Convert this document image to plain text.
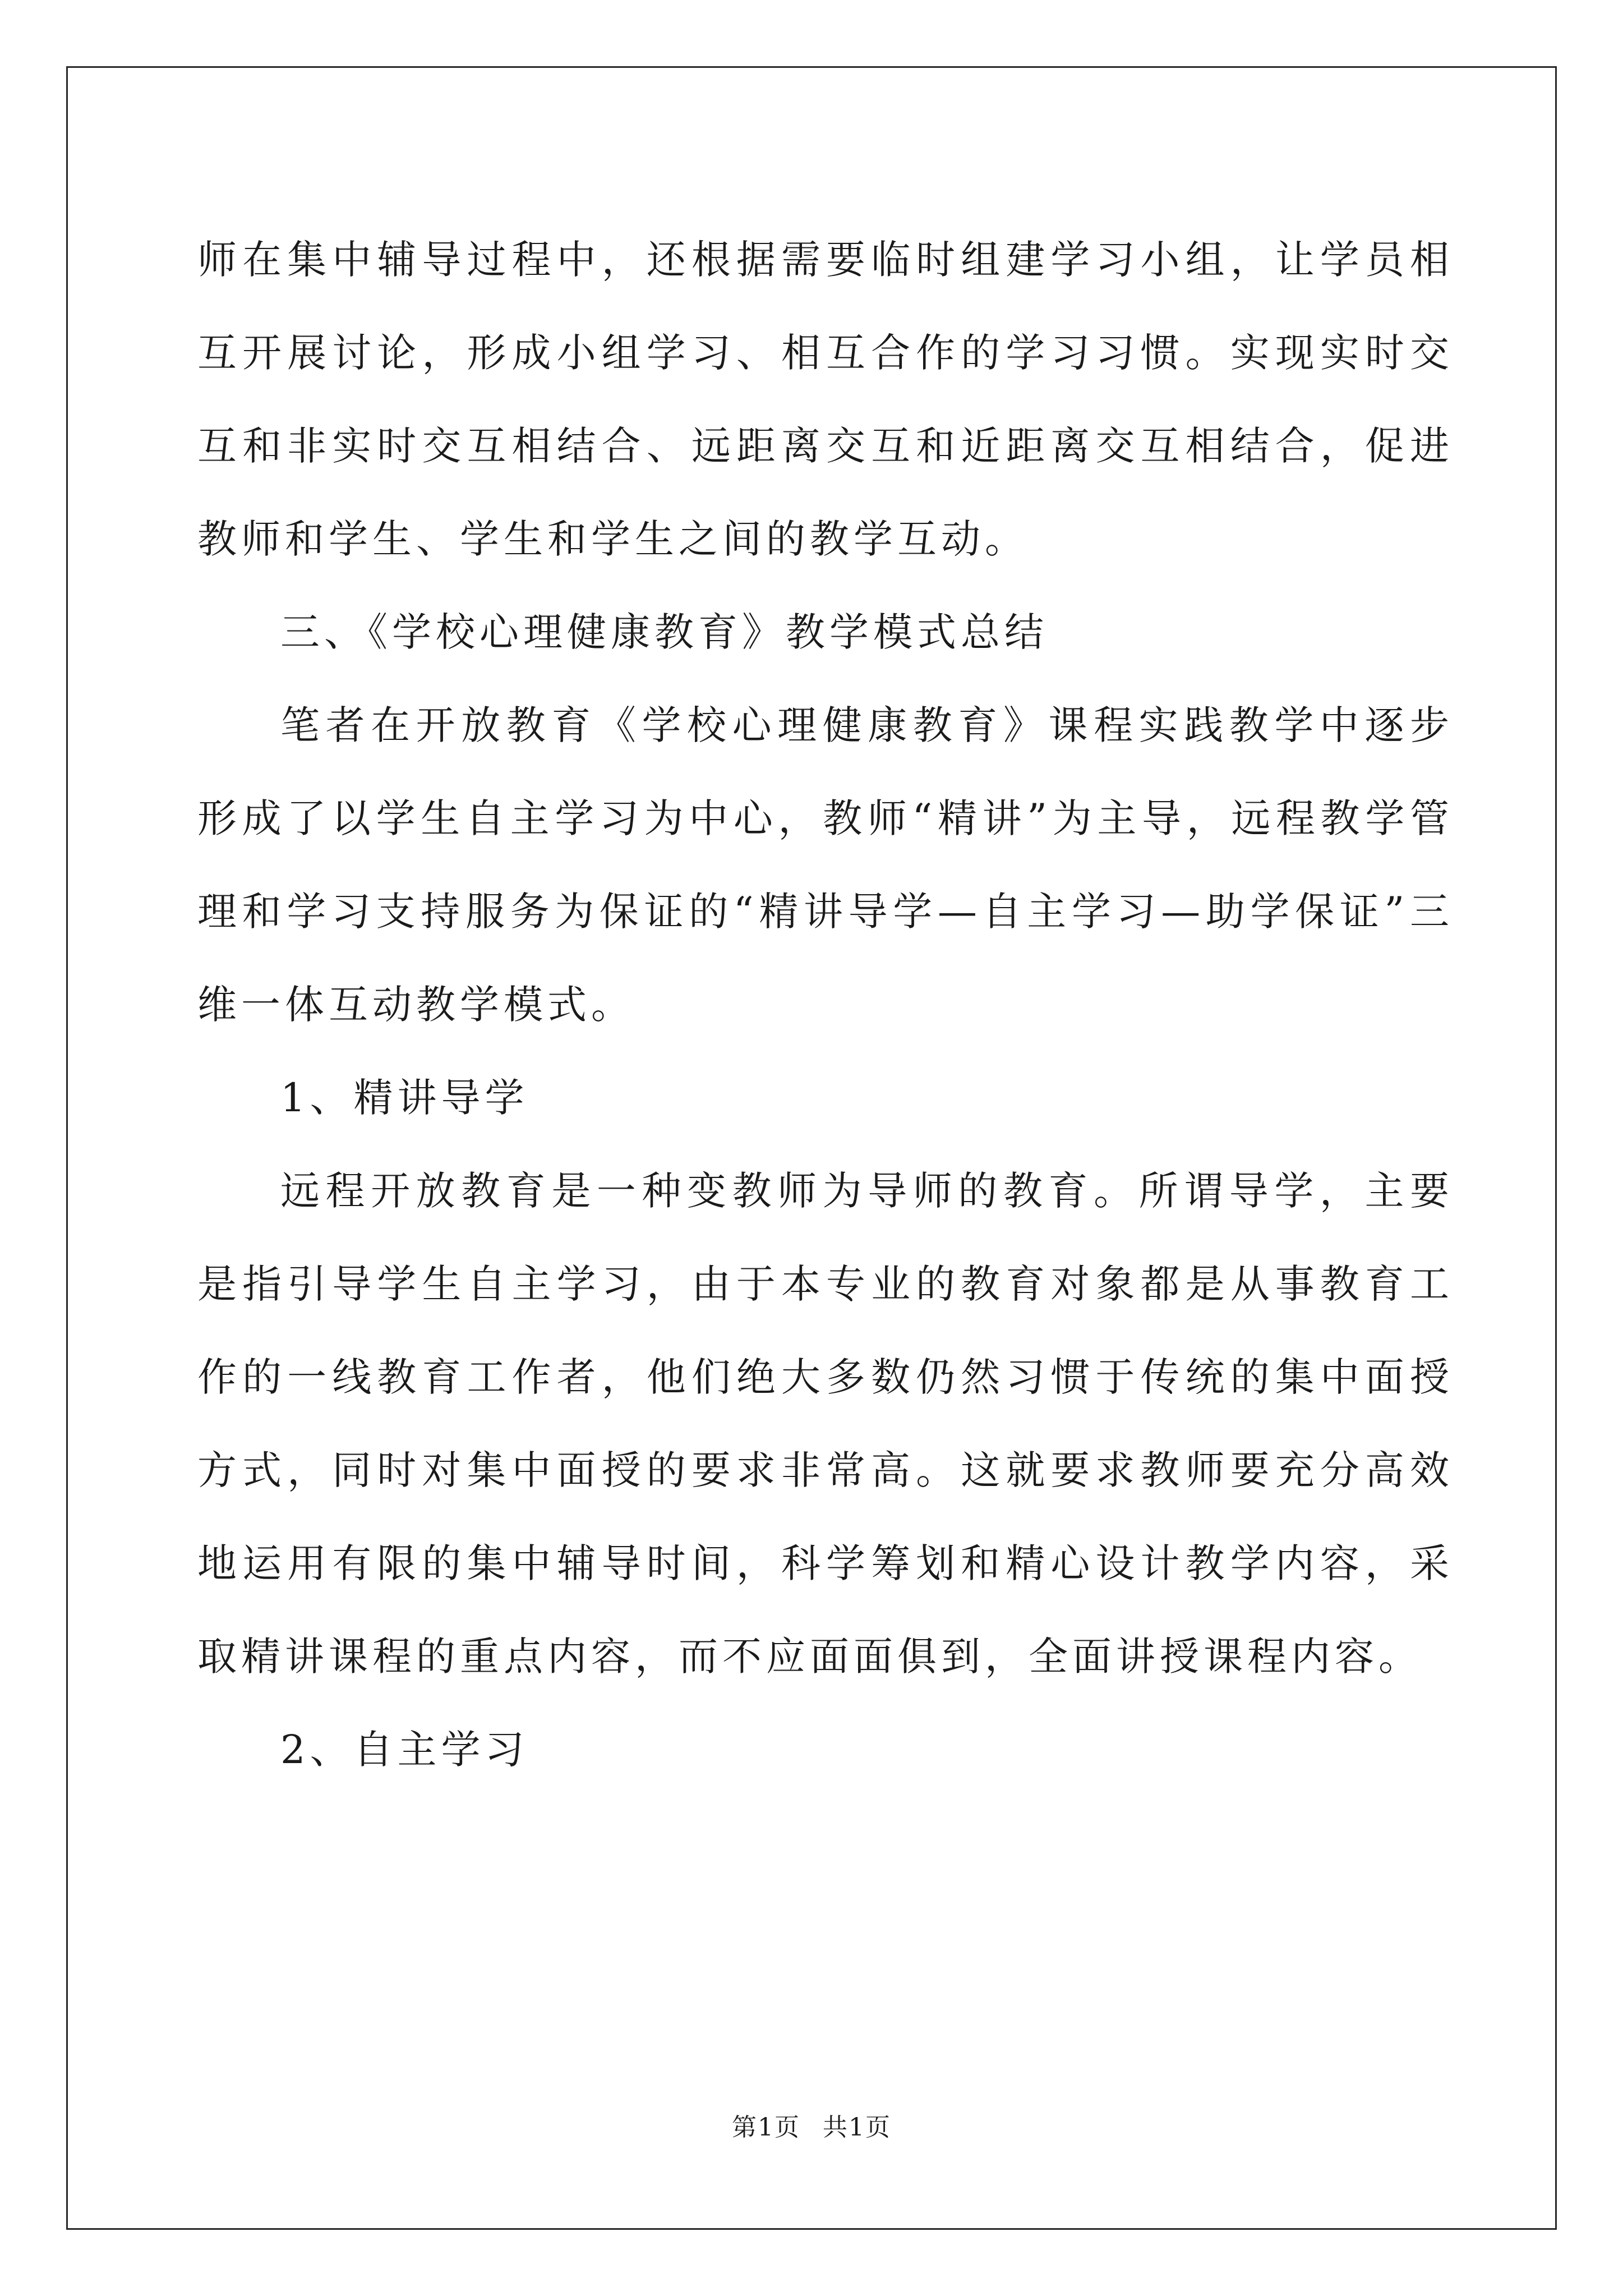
师在集中辅导过程中，还根据需要临时组建学习小组，让学员相互开展讨论，形成小组学习、相互合作的学习习惯。实现实时交互和非实时交互相结合、远距离交互和近距离交互相结合，促进教师和学生、学生和学生之间的教学互动。

三、《学校心理健康教育》教学模式总结

笔者在开放教育《学校心理健康教育》课程实践教学中逐步形成了以学生自主学习为中心，教师“精讲”为主导，远程教学管理和学习支持服务为保证的“精讲导学—自主学习—助学保证”三维一体互动教学模式。

1、精讲导学

远程开放教育是一种变教师为导师的教育。所谓导学，主要是指引导学生自主学习，由于本专业的教育对象都是从事教育工作的一线教育工作者，他们绝大多数仍然习惯于传统的集中面授方式，同时对集中面授的要求非常高。这就要求教师要充分高效地运用有限的集中辅导时间，科学筹划和精心设计教学内容，采取精讲课程的重点内容，而不应面面俱到，全面讲授课程内容。

2、自主学习

第1页 共1页
